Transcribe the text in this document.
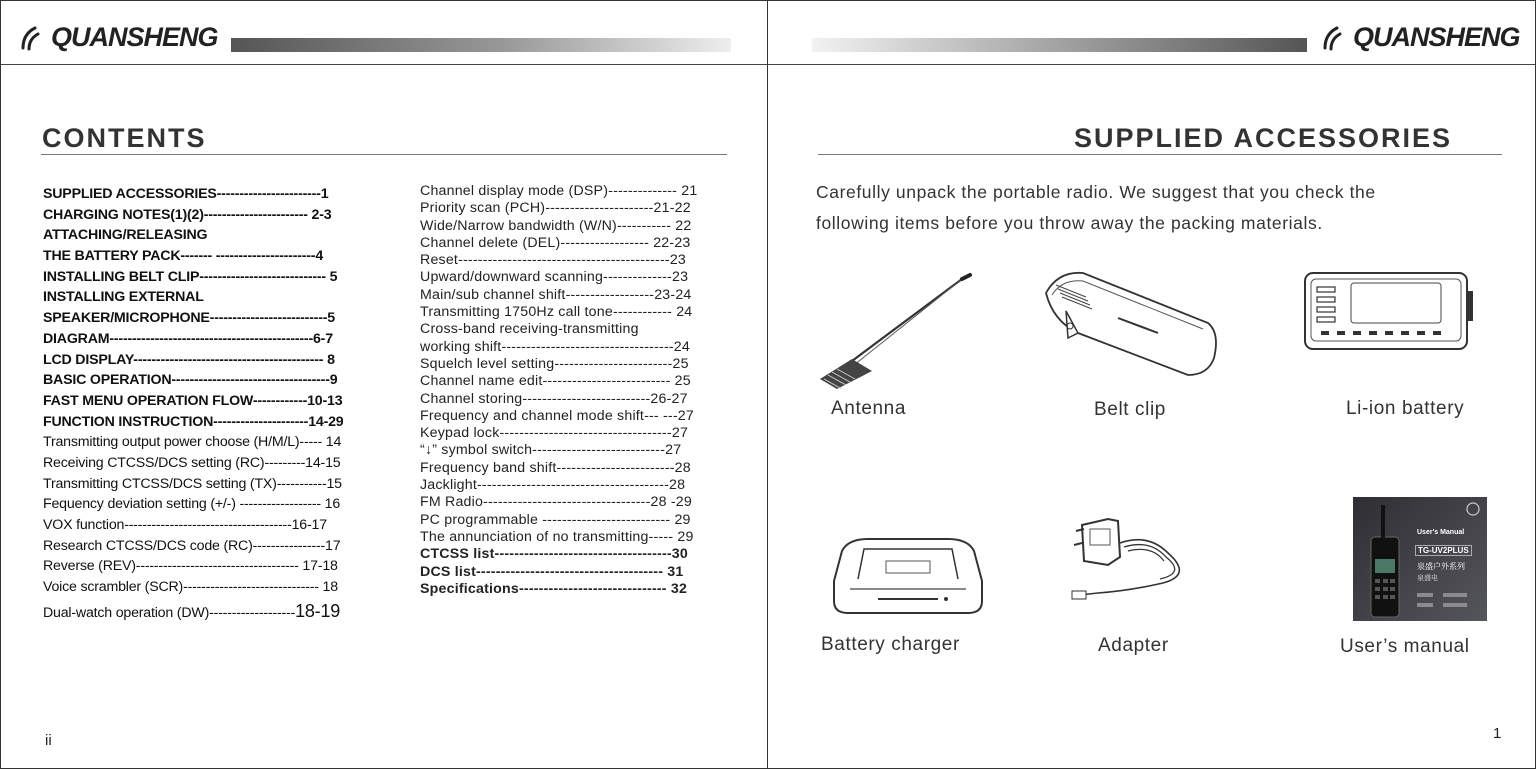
QUANSHENG
CONTENTS
SUPPLIED ACCESSORIES-----------------------1
CHARGING NOTES(1)(2)----------------------- 2-3
ATTACHING/RELEASING
THE BATTERY PACK------- ----------------------4
INSTALLING BELT CLIP---------------------------- 5
INSTALLING EXTERNAL
SPEAKER/MICROPHONE--------------------------5
DIAGRAM---------------------------------------------6-7
LCD DISPLAY------------------------------------------ 8
BASIC OPERATION-----------------------------------9
FAST MENU OPERATION FLOW------------10-13
FUNCTION INSTRUCTION---------------------14-29
Transmitting output power choose (H/M/L)----- 14
Receiving CTCSS/DCS setting (RC)---------14-15
Transmitting CTCSS/DCS setting (TX)-----------15
Fequency deviation setting (+/-) ------------------ 16
VOX function-------------------------------------16-17
Research CTCSS/DCS code (RC)----------------17
Reverse (REV)------------------------------------ 17-18
Voice scrambler (SCR)------------------------------ 18
Dual-watch operation (DW)-------------------18-19
Channel display mode (DSP)-------------- 21
Priority scan (PCH)----------------------21-22
Wide/Narrow bandwidth (W/N)----------- 22
Channel delete (DEL)------------------ 22-23
Reset-------------------------------------------23
Upward/downward scanning--------------23
Main/sub channel shift------------------23-24
Transmitting 1750Hz call tone------------ 24
Cross-band receiving-transmitting
working shift-----------------------------------24
Squelch level setting------------------------25
Channel name edit-------------------------- 25
Channel storing--------------------------26-27
Frequency and channel mode shift--- ---27
Keypad lock-----------------------------------27
“↓” symbol switch---------------------------27
Frequency band shift------------------------28
Jacklight---------------------------------------28
FM Radio----------------------------------28 -29
PC programmable -------------------------- 29
The annunciation of no transmitting----- 29
CTCSS list------------------------------------30
DCS list-------------------------------------- 31
Specifications------------------------------ 32
ii
QUANSHENG
SUPPLIED ACCESSORIES
Carefully unpack the portable radio. We suggest that you check the
following items before you throw away the packing materials.
Antenna	Belt clip	Li-ion battery
Battery charger	Adapter
User's Manual
TG-UV2PLUS
泉盛户外系列
泉盛电
User’s manual
1
